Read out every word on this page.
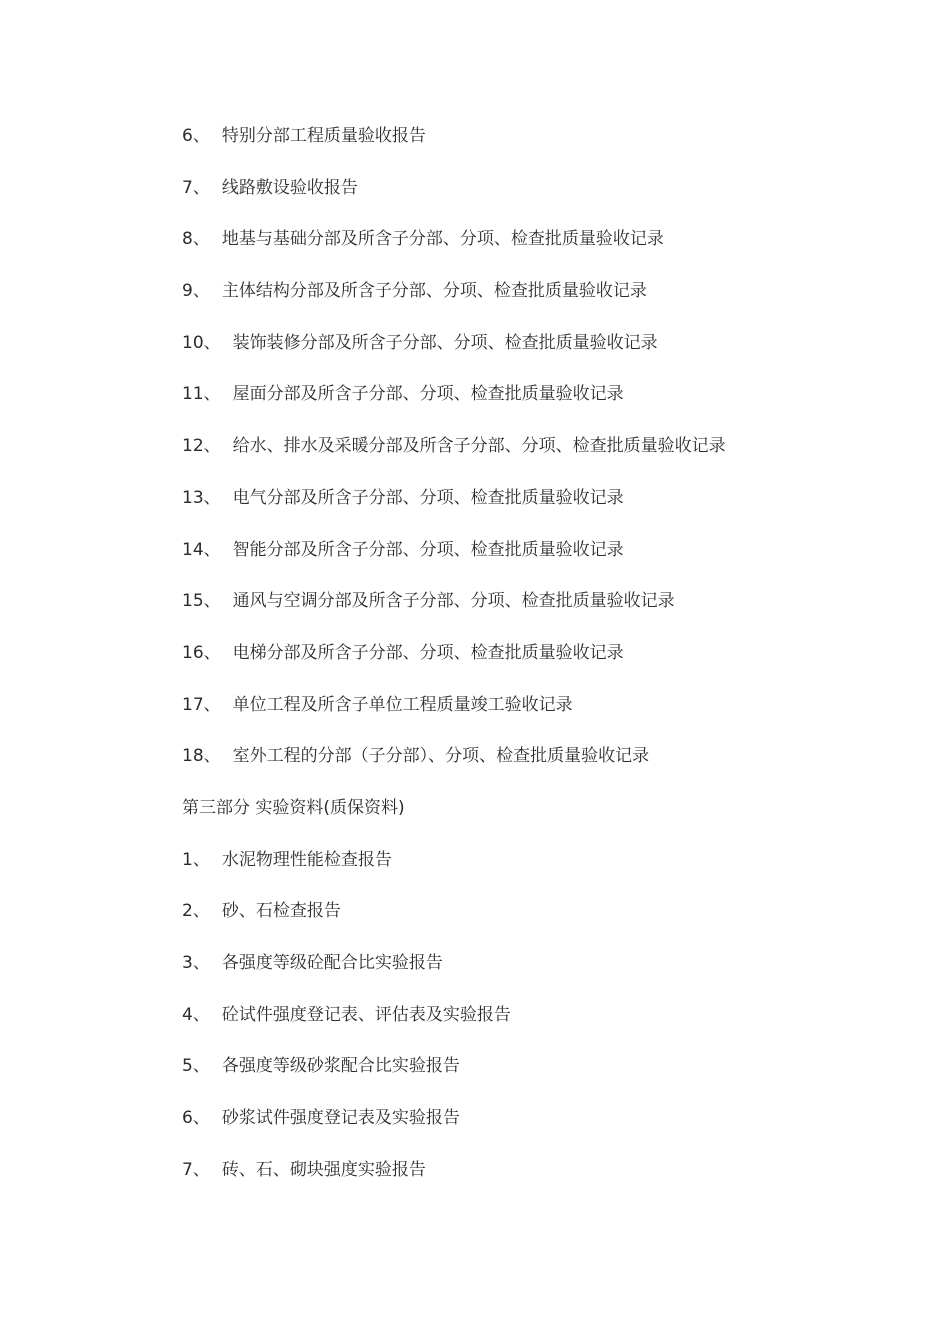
6、 特别分部工程质量验收报告
7、 线路敷设验收报告
8、 地基与基础分部及所含子分部、分项、检查批质量验收记录
9、 主体结构分部及所含子分部、分项、检查批质量验收记录
10、 装饰装修分部及所含子分部、分项、检查批质量验收记录
11、 屋面分部及所含子分部、分项、检查批质量验收记录
12、 给水、排水及采暖分部及所含子分部、分项、检查批质量验收记录
13、 电气分部及所含子分部、分项、检查批质量验收记录
14、 智能分部及所含子分部、分项、检查批质量验收记录
15、 通风与空调分部及所含子分部、分项、检查批质量验收记录
16、 电梯分部及所含子分部、分项、检查批质量验收记录
17、 单位工程及所含子单位工程质量竣工验收记录
18、 室外工程的分部（子分部）、分项、检查批质量验收记录
第三部分 实验资料(质保资料)
1、 水泥物理性能检查报告
2、 砂、石检查报告
3、 各强度等级砼配合比实验报告
4、 砼试件强度登记表、评估表及实验报告
5、 各强度等级砂浆配合比实验报告
6、 砂浆试件强度登记表及实验报告
7、 砖、石、砌块强度实验报告
